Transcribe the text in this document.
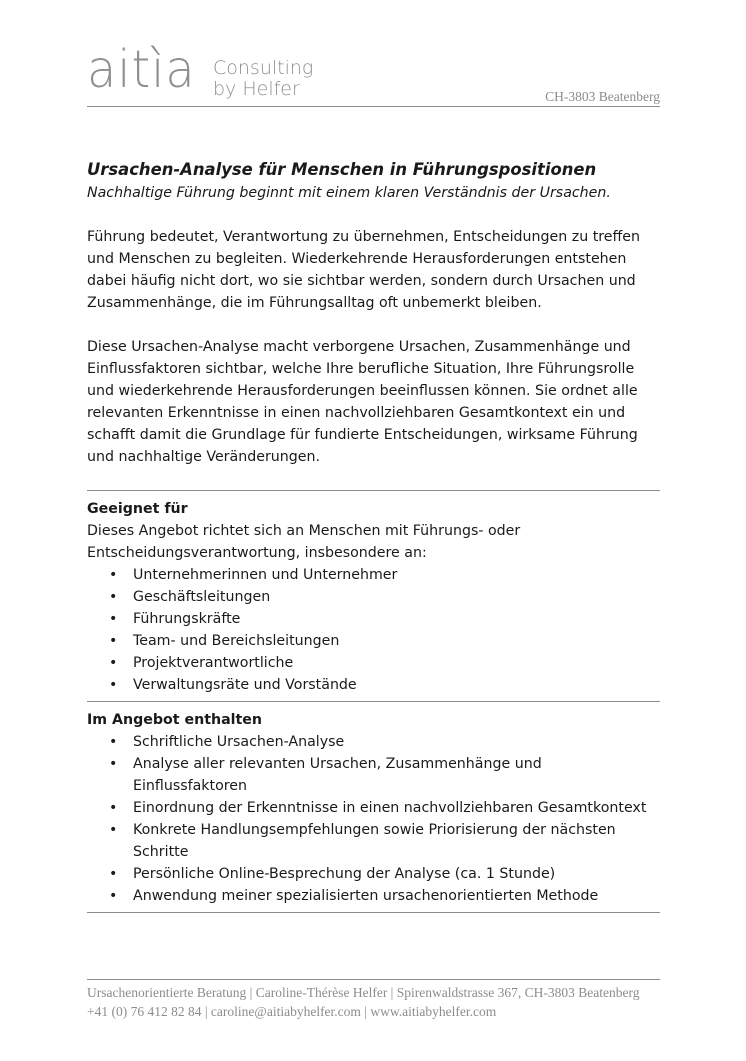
aitìa Consulting
by Helfer	CH-3803 Beatenberg
Ursachen-Analyse für Menschen in Führungspositionen

Nachhaltige Führung beginnt mit einem klaren Verständnis der Ursachen.

Führung bedeutet, Verantwortung zu übernehmen, Entscheidungen zu treffen und Menschen zu begleiten. Wiederkehrende Herausforderungen entstehen dabei häufig nicht dort, wo sie sichtbar werden, sondern durch Ursachen und Zusammenhänge, die im Führungsalltag oft unbemerkt bleiben.

Diese Ursachen-Analyse macht verborgene Ursachen, Zusammenhänge und Einflussfaktoren sichtbar, welche Ihre berufliche Situation, Ihre Führungsrolle und wiederkehrende Herausforderungen beeinflussen können. Sie ordnet alle relevanten Erkenntnisse in einen nachvollziehbaren Gesamtkontext ein und schafft damit die Grundlage für fundierte Entscheidungen, wirksame Führung und nachhaltige Veränderungen.

Geeignet für

Dieses Angebot richtet sich an Menschen mit Führungs- oder Entscheidungsverantwortung, insbesondere an:

• Unternehmerinnen und Unternehmer
• Geschäftsleitungen
• Führungskräfte
• Team- und Bereichsleitungen
• Projektverantwortliche
• Verwaltungsräte und Vorstände
Im Angebot enthalten
• Schriftliche Ursachen-Analyse
• Analyse aller relevanten Ursachen, Zusammenhänge und Einflussfaktoren
• Einordnung der Erkenntnisse in einen nachvollziehbaren Gesamtkontext
• Konkrete Handlungsempfehlungen sowie Priorisierung der nächsten Schritte
• Persönliche Online-Besprechung der Analyse (ca. 1 Stunde)
• Anwendung meiner spezialisierten ursachenorientierten Methode
Ursachenorientierte Beratung | Caroline-Thérèse Helfer | Spirenwaldstrasse 367, CH-3803 Beatenberg
+41 (0) 76 412 82 84 | caroline@aitiabyhelfer.com | www.aitiabyhelfer.com
